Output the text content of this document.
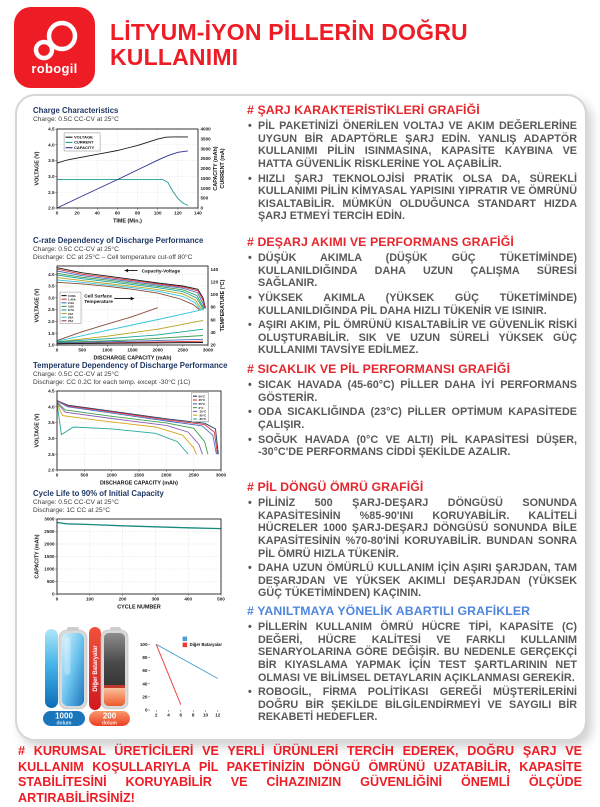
robogil
LİTYUM-İYON PİLLERİN DOĞRU
KULLANIMI
Charge Characteristics
Charge: 0.5C CC-CV at 25°C
0	20	40	60	80	100	120	140
2.0
2.5
3.0
3.5
4.0
4.5
0
500
1000
1500
2000
2500
3000
3500
4000
TIME (Min.)
VOLTAGE (V)	CAPACITY (mAh) CURRENT (mA)
VOLTAGE
CURRENT
CAPACITY
C-rate Dependency of Discharge Performance
Charge: 0.5C CC-CV at 25°C
Discharge: CC at 25°C – Cell temperature cut-off 80°C
0	500	1000	1500	2000	2500	3000
1.0
1.5
2.0
2.5
3.0
3.5
4.0
20
40
60
80
100
120
140
DISCHARGE CAPACITY (mAh)
VOLTAGE (V)	TEMPERATURE (°C)
0.58A
1.45A
2.9A
5.8A
8.7A
15A
20A
25A
Capacity-Voltage
Cell Surface
Temperature
Temperature Dependency of Discharge Performance
Charge: 0.5C CC-CV at 25°C
Discharge: CC 0.2C for each temp. except -30°C (1C)
0	500	1000	1500	2000	2500	3000
2.0
2.5
3.0
3.5
4.0
4.5
DISCHARGE CAPACITY (mAh)
VOLTAGE (V)
60°C
45°C
25°C
0°C
-10°C
-20°C
-30°C
Cycle Life to 90% of Initial Capacity
Charge: 0.5C CC-CV at 25°C
Discharge: 1C CC at 25°C
0	100	200	300	400	500
0
500
1000
1500
2000
2500
3000
CYCLE NUMBER
CAPACITY (mAh)
Diğer Bataryalar
1000
dolum
200
dolum
2 4 6 8 10 12
0
20
40
60
80
100	Diğer Bataryalar
# ŞARJ KARAKTERİSTİKLERİ GRAFİĞİ
• PİL PAKETİNİZİ ÖNERİLEN VOLTAJ VE AKIM DEĞERLERİNE UYGUN BİR ADAPTÖRLE ŞARJ EDİN. YANLIŞ ADAPTÖR KULLANIMI PİLİN ISINMASINA, KAPASİTE KAYBINA VE HATTA GÜVENLİK RİSKLERİNE YOL AÇABİLİR.
• HIZLI ŞARJ TEKNOLOJİSİ PRATİK OLSA DA, SÜREKLİ KULLANIMI PİLİN KİMYASAL YAPISINI YIPRATIR VE ÖMRÜNÜ KISALTABİLİR. MÜMKÜN OLDUĞUNCA STANDART HIZDA ŞARJ ETMEYİ TERCİH EDİN.
# DEŞARJ AKIMI VE PERFORMANS GRAFİĞİ
• DÜŞÜK AKIMLA (DÜŞÜK GÜÇ TÜKETİMİNDE) KULLANILDIĞINDA DAHA UZUN ÇALIŞMA SÜRESİ SAĞLANIR.
• YÜKSEK AKIMLA (YÜKSEK GÜÇ TÜKETİMİNDE) KULLANILDIĞINDA PİL DAHA HIZLI TÜKENİR VE ISINIR.
• AŞIRI AKIM, PİL ÖMRÜNÜ KISALTABİLİR VE GÜVENLİK RİSKİ OLUŞTURABİLİR. SIK VE UZUN SÜRELİ YÜKSEK GÜÇ KULLANIMI TAVSİYE EDİLMEZ.
# SICAKLIK VE PİL PERFORMANSI GRAFİĞİ
• SICAK HAVADA (45-60°C) PİLLER DAHA İYİ PERFORMANS GÖSTERİR.
• ODA SICAKLIĞINDA (23°C) PİLLER OPTİMUM KAPASİTEDE ÇALIŞIR.
• SOĞUK HAVADA (0°C VE ALTI) PİL KAPASİTESİ DÜŞER, -30°C'DE PERFORMANS CİDDİ ŞEKİLDE AZALIR.
# PİL DÖNGÜ ÖMRÜ GRAFİĞİ
• PİLİNİZ 500 ŞARJ-DEŞARJ DÖNGÜSÜ SONUNDA KAPASİTESİNİN %85-90'INI KORUYABİLİR. KALİTELİ HÜCRELER 1000 ŞARJ-DEŞARJ DÖNGÜSÜ SONUNDA BİLE KAPASİTESİNİN %70-80'İNİ KORUYABİLİR. BUNDAN SONRA PİL ÖMRÜ HIZLA TÜKENİR.
• DAHA UZUN ÖMÜRLÜ KULLANIM İÇİN AŞIRI ŞARJDAN, TAM DEŞARJDAN VE YÜKSEK AKIMLI DEŞARJDAN (YÜKSEK GÜÇ TÜKETİMİNDEN) KAÇININ.
# YANILTMAYA YÖNELİK ABARTILI GRAFİKLER
• PİLLERİN KULLANIM ÖMRÜ HÜCRE TİPİ, KAPASİTE (C) DEĞERİ, HÜCRE KALİTESİ VE FARKLI KULLANIM SENARYOLARINA GÖRE DEĞİŞİR. BU NEDENLE GERÇEKÇİ BİR KIYASLAMA YAPMAK İÇİN TEST ŞARTLARININ NET OLMASI VE BİLİMSEL DETAYLARIN AÇIKLANMASI GEREKİR.
• ROBOGİL, FİRMA POLİTİKASI GEREĞİ MÜŞTERİLERİNİ DOĞRU BİR ŞEKİLDE BİLGİLENDİRMEYİ VE SAYGILI BİR REKABETİ HEDEFLER.
# KURUMSAL ÜRETİCİLERİ VE YERLİ ÜRÜNLERİ TERCİH EDEREK, DOĞRU ŞARJ VE KULLANIM KOŞULLARIYLA PİL PAKETİNİZİN DÖNGÜ ÖMRÜNÜ UZATABİLİR, KAPASİTE STABİLİTESİNİ KORUYABİLİR VE CİHAZINIZIN GÜVENLİĞİNİ ÖNEMLİ ÖLÇÜDE ARTIRABİLİRSİNİZ!
